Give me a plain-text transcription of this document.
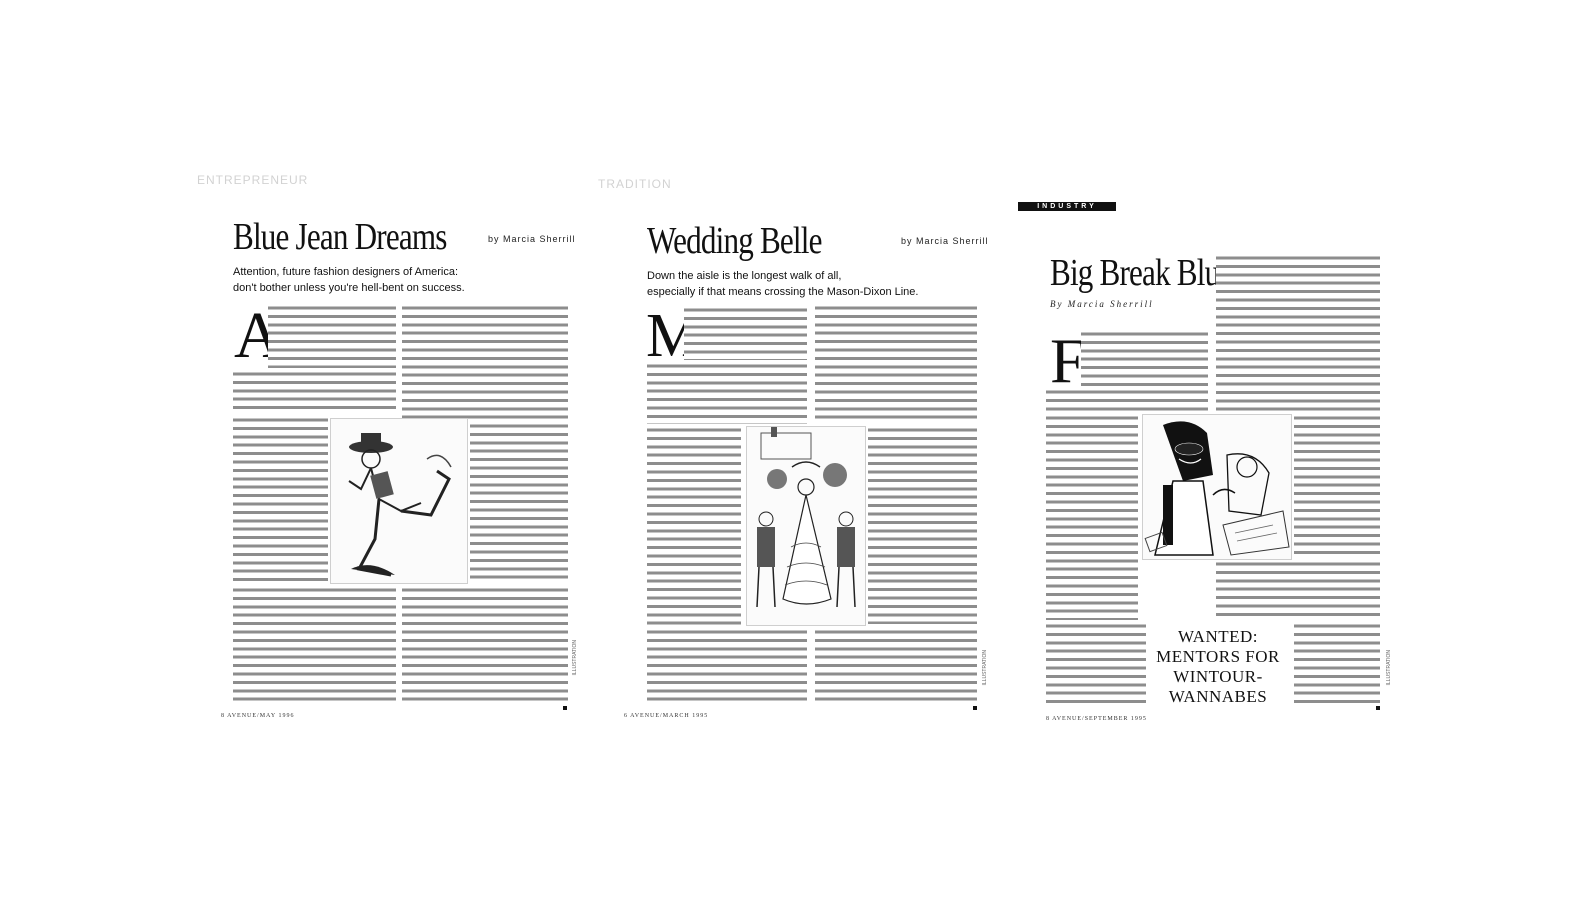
ENTREPRENEUR	TRADITION
INDUSTRY
Blue Jean Dreams	by Marcia Sherrill
Attention, future fashion designers of America:
don't bother unless you're hell-bent on success.
A
ILLUSTRATION
8 AVENUE/MAY 1996
Wedding Belle	by Marcia Sherrill
Down the aisle is the longest walk of all,
especially if that means crossing the Mason-Dixon Line.
M
ILLUSTRATION
6 AVENUE/MARCH 1995
Big Break Blues
By Marcia Sherrill
F
WANTED: MENTORS FOR
WINTOUR-WANNABES
ILLUSTRATION
8 AVENUE/SEPTEMBER 1995
